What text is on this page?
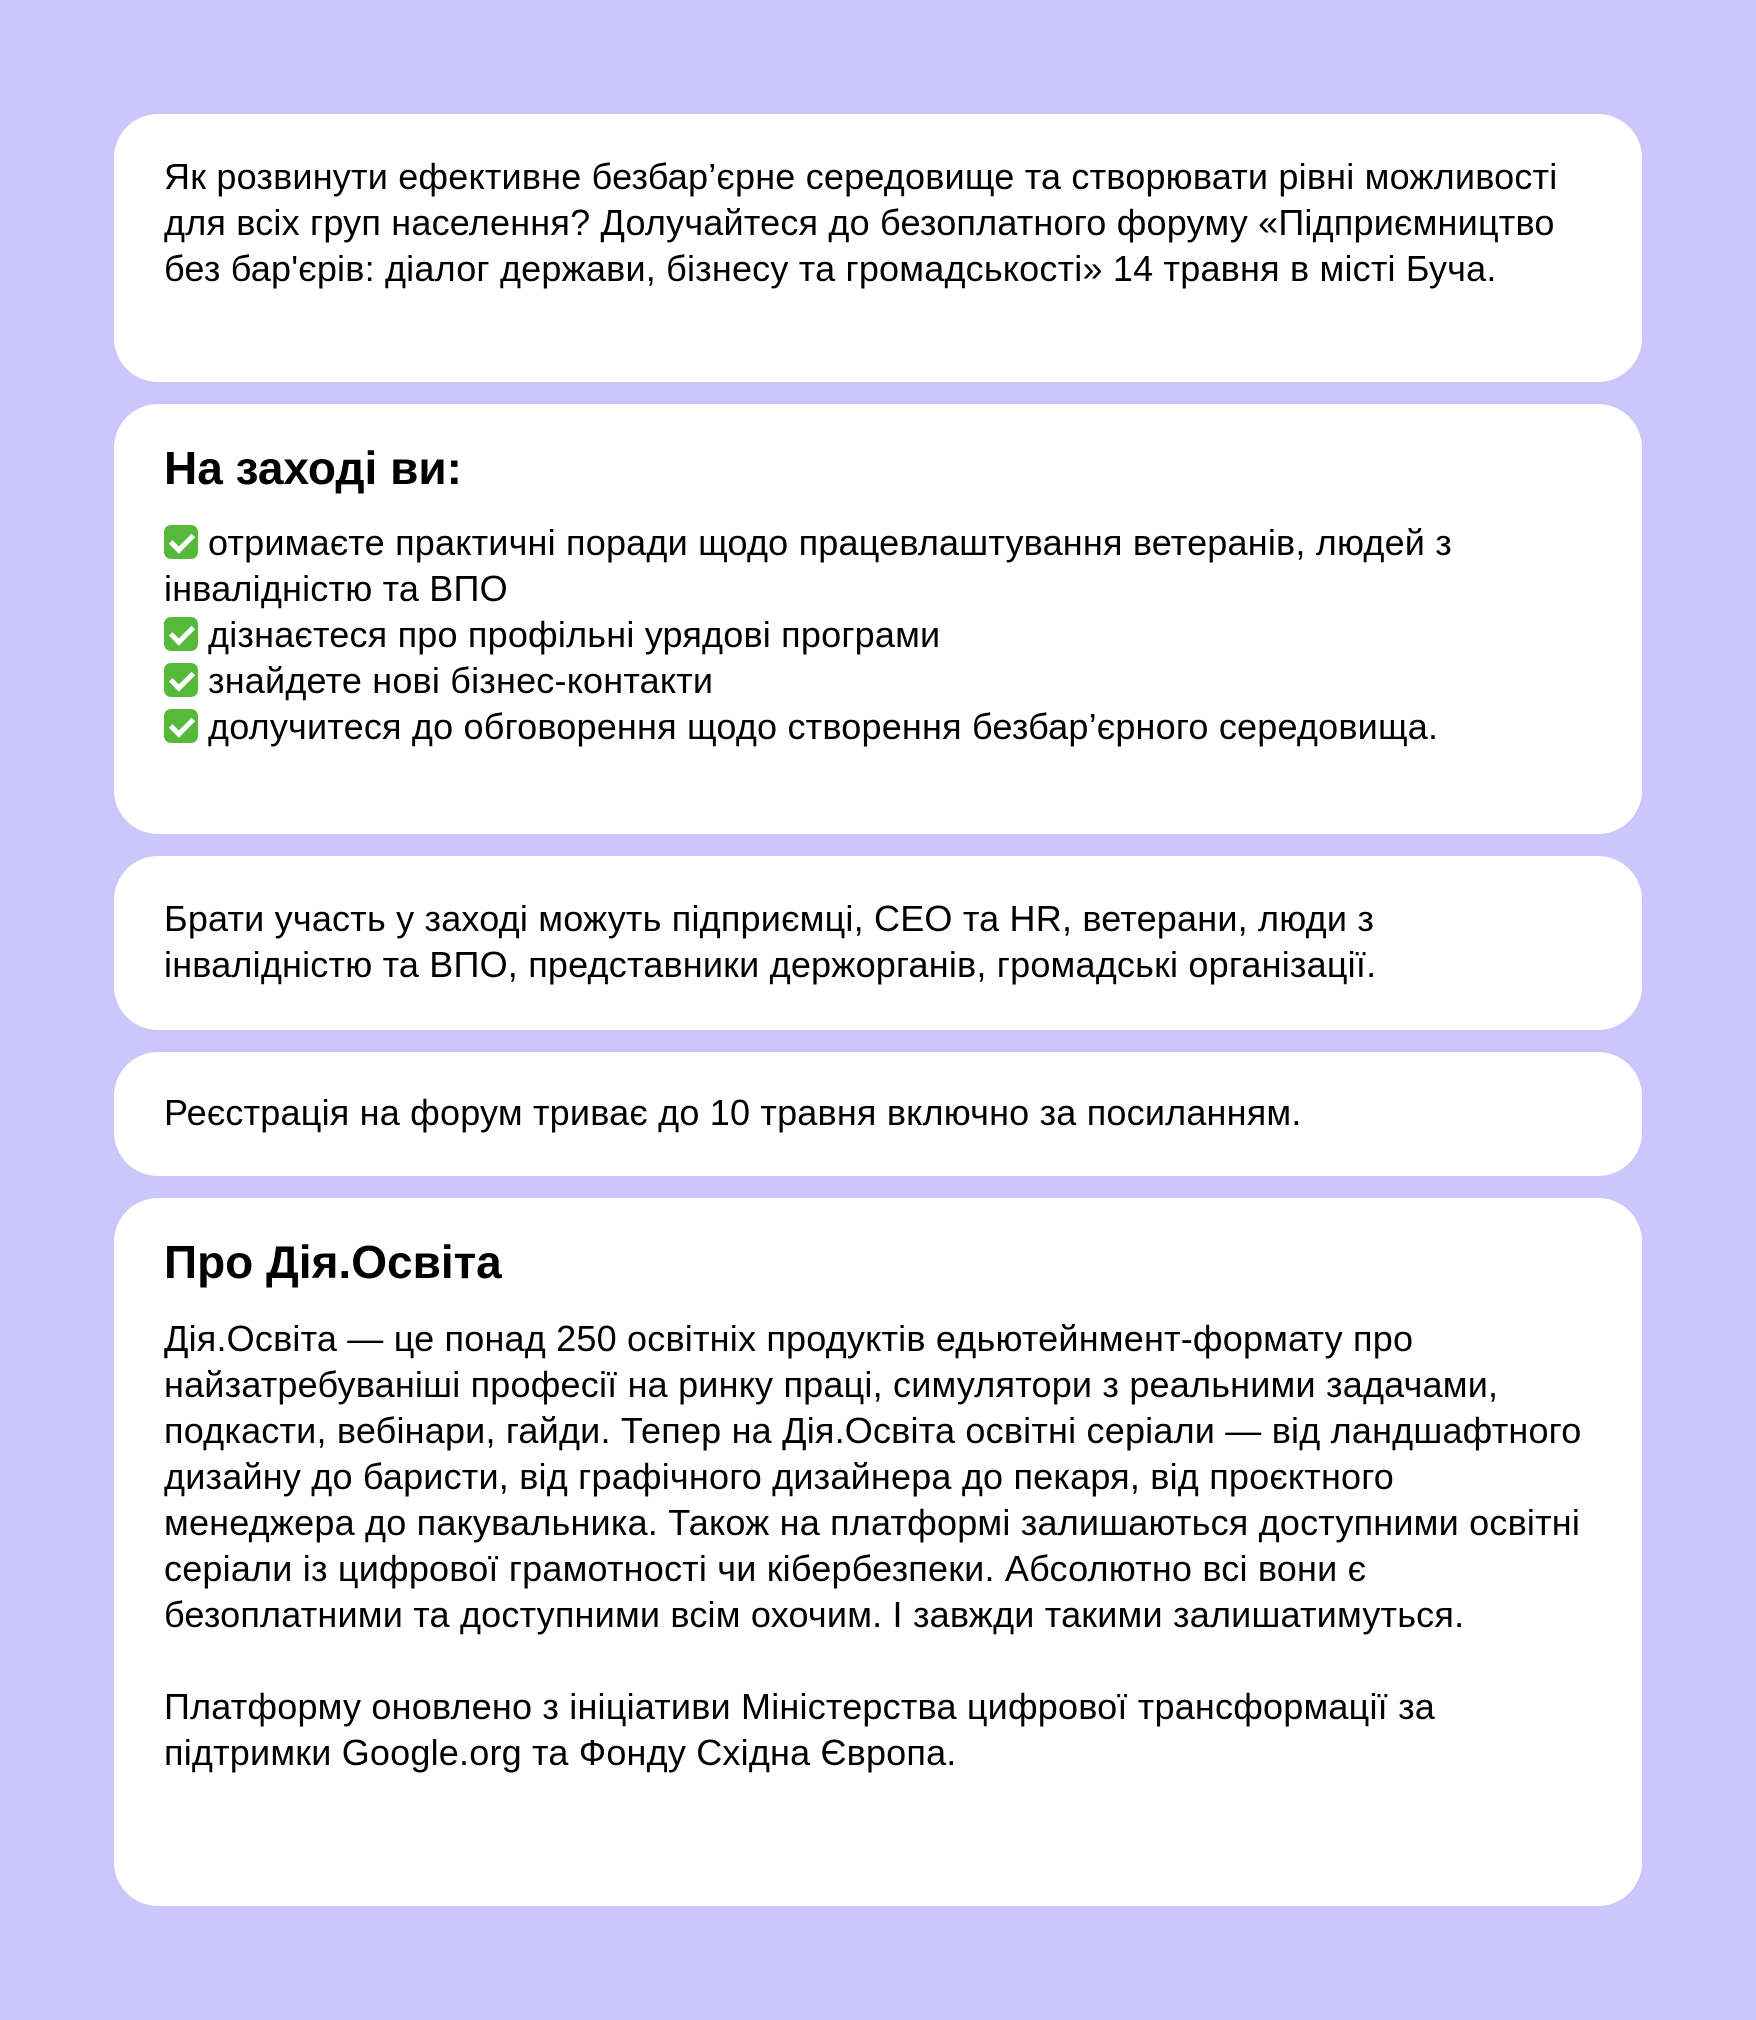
Як розвинути ефективне безбар’єрне середовище та створювати рівні можливості для всіх груп населення? Долучайтеся до безоплатного форуму «Підприємництво без бар'єрів: діалог держави, бізнесу та громадськості» 14 травня в місті Буча.

На заході ви:
отримаєте практичні поради щодо працевлаштування ветеранів, людей з інвалідністю та ВПО
дізнаєтеся про профільні урядові програми
знайдете нові бізнес-контакти
долучитеся до обговорення щодо створення безбар’єрного середовища.

Брати участь у заході можуть підприємці, CEO та HR, ветерани, люди з інвалідністю та ВПО, представники держорганів, громадські організації.

Реєстрація на форум триває до 10 травня включно за посиланням.

Про Дія.Освіта

Дія.Освіта — це понад 250 освітніх продуктів едьютейнмент-формату про найзатребуваніші професії на ринку праці, симулятори з реальними задачами, подкасти, вебінари, гайди. Тепер на Дія.Освіта освітні серіали — від ландшафтного дизайну до баристи, від графічного дизайнера до пекаря, від проєктного менеджера до пакувальника. Також на платформі залишаються доступними освітні серіали із цифрової грамотності чи кібербезпеки. Абсолютно всі вони є безоплатними та доступними всім охочим. І завжди такими залишатимуться.

Платформу оновлено з ініціативи Міністерства цифрової трансформації за підтримки Google.org та Фонду Східна Європа.
